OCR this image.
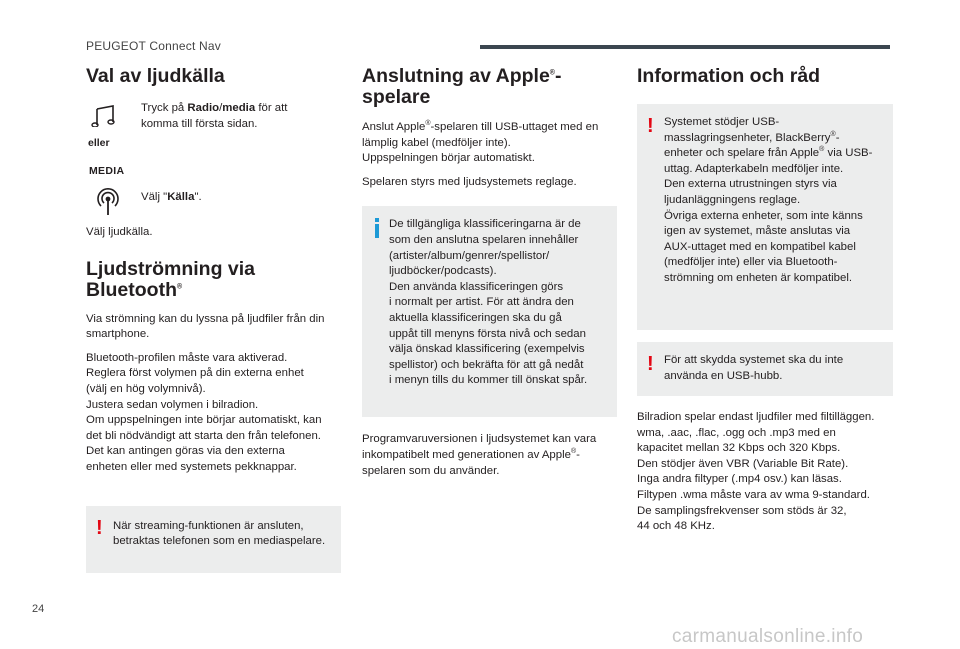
PEUGEOT Connect Nav
Val av ljudkälla
Tryck på Radio/media för att
komma till första sidan.
eller
MEDIA
Välj "Källa".

Välj ljudkälla.

Ljudströmning via
Bluetooth®

Via strömning kan du lyssna på ljudfiler från din
smartphone.

Bluetooth-profilen måste vara aktiverad.
Reglera först volymen på din externa enhet
(välj en hög volymnivå).
Justera sedan volymen i bilradion.
Om uppspelningen inte börjar automatiskt, kan
det bli nödvändigt att starta den från telefonen.
Det kan antingen göras via den externa
enheten eller med systemets pekknappar.

! När streaming-funktionen är ansluten,
betraktas telefonen som en mediaspelare.
Anslutning av Apple®-
spelare

Anslut Apple®-spelaren till USB-uttaget med en
lämplig kabel (medföljer inte).
Uppspelningen börjar automatiskt.

Spelaren styrs med ljudsystemets reglage.

De tillgängliga klassificeringarna är de
som den anslutna spelaren innehåller
(artister/album/genrer/spellistor/
ljudböcker/podcasts).
Den använda klassificeringen görs
i normalt per artist. För att ändra den
aktuella klassificeringen ska du gå
uppåt till menyns första nivå och sedan
välja önskad klassificering (exempelvis
spellistor) och bekräfta för att gå nedåt
i menyn tills du kommer till önskat spår.

Programvaruversionen i ljudsystemet kan vara
inkompatibelt med generationen av Apple®-
spelaren som du använder.

Information och råd
! Systemet stödjer USB-
masslagringsenheter, BlackBerry®-
enheter och spelare från Apple® via USB-
uttag. Adapterkabeln medföljer inte.
Den externa utrustningen styrs via
ljudanläggningens reglage.
Övriga externa enheter, som inte känns
igen av systemet, måste anslutas via
AUX-uttaget med en kompatibel kabel
(medföljer inte) eller via Bluetooth-
strömning om enheten är kompatibel.
! För att skydda systemet ska du inte
använda en USB-hubb.

Bilradion spelar endast ljudfiler med filtilläggen.
wma, .aac, .flac, .ogg och .mp3 med en
kapacitet mellan 32 Kbps och 320 Kbps.
Den stödjer även VBR (Variable Bit Rate).
Inga andra filtyper (.mp4 osv.) kan läsas.
Filtypen .wma måste vara av wma 9-standard.
De samplingsfrekvenser som stöds är 32,
44 och 48 KHz.

24
carmanualsonline.info
